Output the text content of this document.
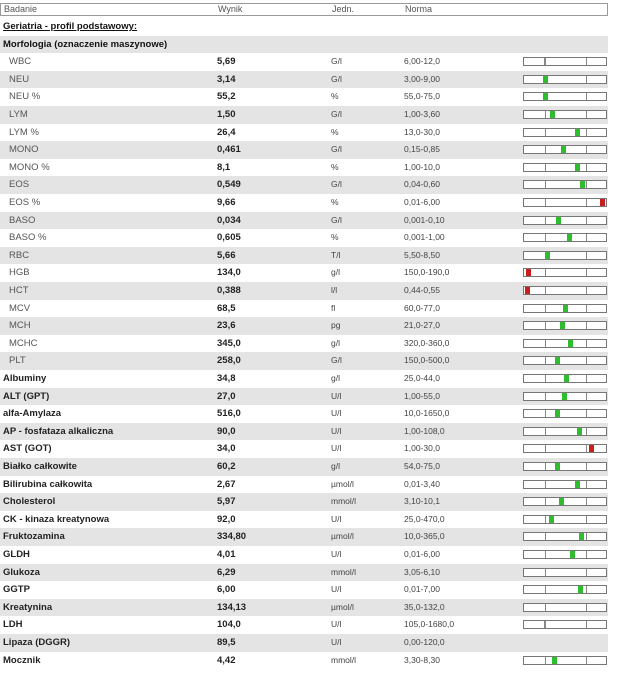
Badanie	Wynik	Jedn.	Norma
Geriatria - profil podstawowy:
Morfologia (oznaczenie maszynowe)
WBC	5,69	G/l	6,00-12,0
NEU	3,14	G/l	3,00-9,00
NEU %	55,2	%	55,0-75,0
LYM	1,50	G/l	1,00-3,60
LYM %	26,4	%	13,0-30,0
MONO	0,461	G/l	0,15-0,85
MONO %	8,1	%	1,00-10,0
EOS	0,549	G/l	0,04-0,60
EOS %	9,66	%	0,01-6,00
BASO	0,034	G/l	0,001-0,10
BASO %	0,605	%	0,001-1,00
RBC	5,66	T/l	5,50-8,50
HGB	134,0	g/l	150,0-190,0
HCT	0,388	l/l	0,44-0,55
MCV	68,5	fl	60,0-77,0
MCH	23,6	pg	21,0-27,0
MCHC	345,0	g/l	320,0-360,0
PLT	258,0	G/l	150,0-500,0
Albuminy	34,8	g/l	25,0-44,0
ALT (GPT)	27,0	U/l	1,00-55,0
alfa-Amylaza	516,0	U/l	10,0-1650,0
AP - fosfataza alkaliczna	90,0	U/l	1,00-108,0
AST (GOT)	34,0	U/l	1,00-30,0
Białko całkowite	60,2	g/l	54,0-75,0
Bilirubina całkowita	2,67	µmol/l	0,01-3,40
Cholesterol	5,97	mmol/l	3,10-10,1
CK - kinaza kreatynowa	92,0	U/l	25,0-470,0
Fruktozamina	334,80	µmol/l	10,0-365,0
GLDH	4,01	U/l	0,01-6,00
Glukoza	6,29	mmol/l	3,05-6,10
GGTP	6,00	U/l	0,01-7,00
Kreatynina	134,13	µmol/l	35,0-132,0
LDH	104,0	U/l	105,0-1680,0
Lipaza (DGGR)	89,5	U/l	0,00-120,0
Mocznik	4,42	mmol/l	3,30-8,30
